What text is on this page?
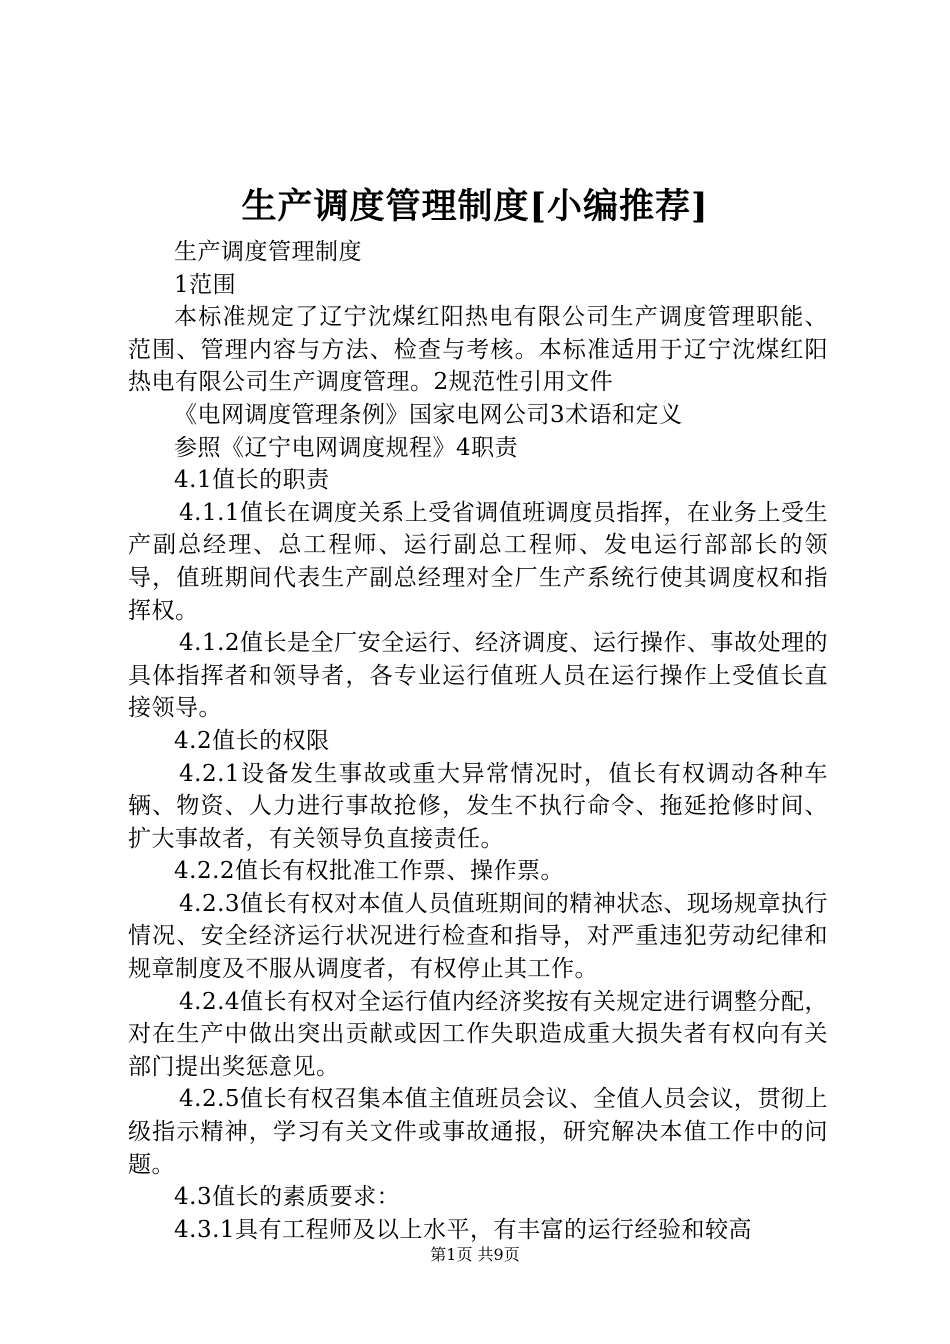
生产调度管理制度[小编推荐]

生产调度管理制度

1范围

本标准规定了辽宁沈煤红阳热电有限公司生产调度管理职能、范围、管理内容与方法、检查与考核。本标准适用于辽宁沈煤红阳热电有限公司生产调度管理。2规范性引用文件

《电网调度管理条例》国家电网公司3术语和定义

参照《辽宁电网调度规程》4职责

4.1值长的职责

4.1.1值长在调度关系上受省调值班调度员指挥，在业务上受生产副总经理、总工程师、运行副总工程师、发电运行部部长的领导，值班期间代表生产副总经理对全厂生产系统行使其调度权和指挥权。

4.1.2值长是全厂安全运行、经济调度、运行操作、事故处理的具体指挥者和领导者，各专业运行值班人员在运行操作上受值长直接领导。

4.2值长的权限

4.2.1设备发生事故或重大异常情况时，值长有权调动各种车辆、物资、人力进行事故抢修，发生不执行命令、拖延抢修时间、扩大事故者，有关领导负直接责任。

4.2.2值长有权批准工作票、操作票。

4.2.3值长有权对本值人员值班期间的精神状态、现场规章执行情况、安全经济运行状况进行检查和指导，对严重违犯劳动纪律和规章制度及不服从调度者，有权停止其工作。

4.2.4值长有权对全运行值内经济奖按有关规定进行调整分配，对在生产中做出突出贡献或因工作失职造成重大损失者有权向有关部门提出奖惩意见。

4.2.5值长有权召集本值主值班员会议、全值人员会议，贯彻上级指示精神，学习有关文件或事故通报，研究解决本值工作中的问题。

4.3值长的素质要求：

4.3.1具有工程师及以上水平，有丰富的运行经验和较高

第1页 共9页
